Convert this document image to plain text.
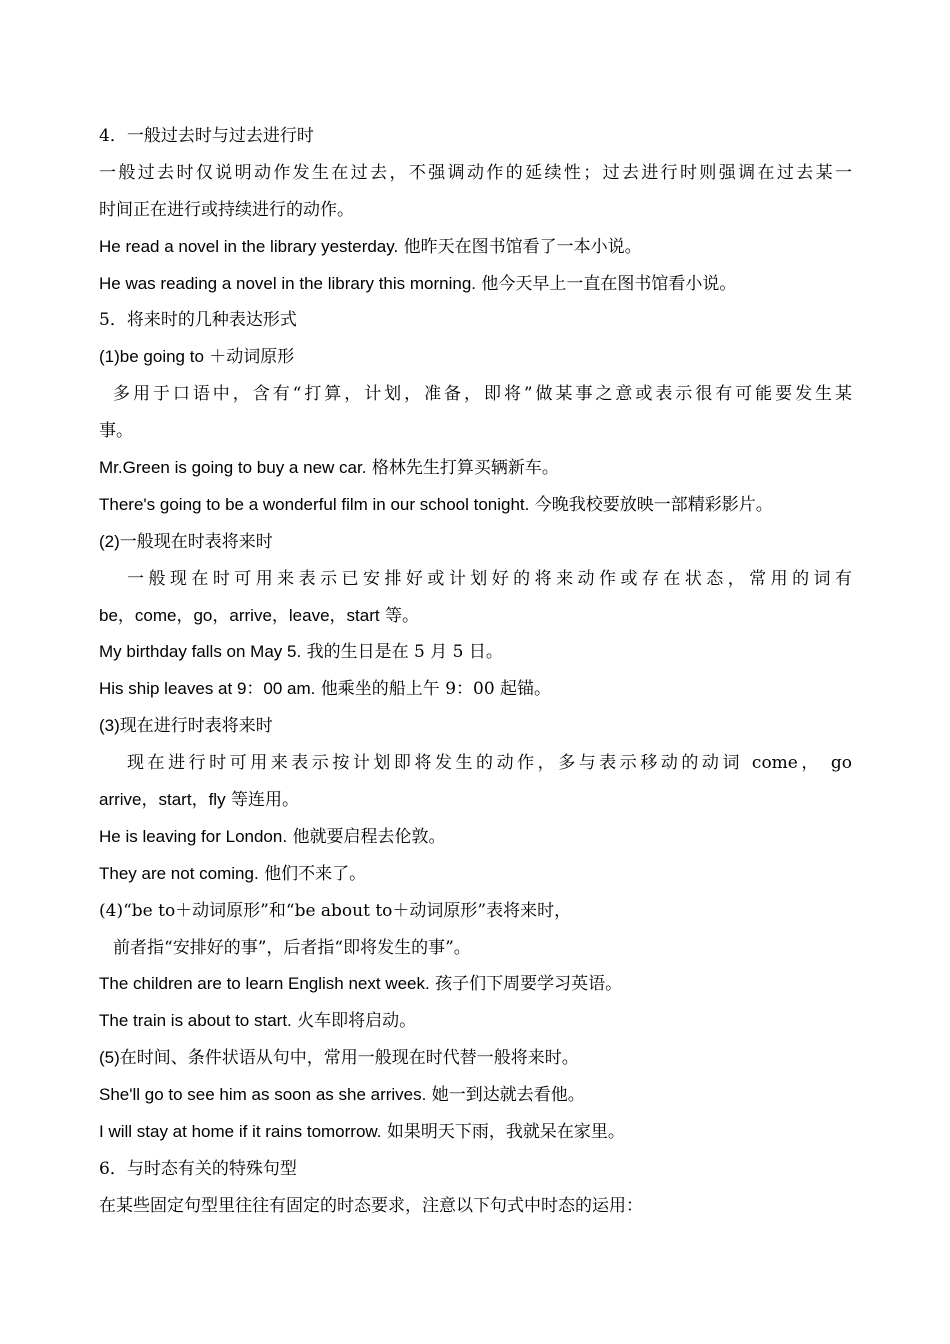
4．一般过去时与过去进行时
一般过去时仅说明动作发生在过去，不强调动作的延续性；过去进行时则强调在过去某一
时间正在进行或持续进行的动作。
He read a novel in the library yesterday. 他昨天在图书馆看了一本小说。
He was reading a novel in the library this morning. 他今天早上一直在图书馆看小说。
5．将来时的几种表达形式
(1)be going to ＋动词原形
多用于口语中，含有“打算，计划，准备，即将”做某事之意或表示很有可能要发生某
事。
Mr.Green is going to buy a new car. 格林先生打算买辆新车。
There's going to be a wonderful film in our school tonight. 今晚我校要放映一部精彩影片。
(2)一般现在时表将来时
一般现在时可用来表示已安排好或计划好的将来动作或存在状态，常用的词有
be，come，go，arrive，leave，start 等。
My birthday falls on May 5. 我的生日是在 5 月 5 日。
His ship leaves at 9：00 am. 他乘坐的船上午 9：00 起锚。
(3)现在进行时表将来时
现在进行时可用来表示按计划即将发生的动作，多与表示移动的动词 come， go
arrive，start，fly 等连用。
He is leaving for London. 他就要启程去伦敦。
They are not coming. 他们不来了。
(4)“be to＋动词原形”和“be about to＋动词原形”表将来时，
前者指“安排好的事”，后者指“即将发生的事”。
The children are to learn English next week. 孩子们下周要学习英语。
The train is about to start. 火车即将启动。
(5)在时间、条件状语从句中，常用一般现在时代替一般将来时。
She'll go to see him as soon as she arrives. 她一到达就去看他。
I will stay at home if it rains tomorrow. 如果明天下雨，我就呆在家里。
6．与时态有关的特殊句型
在某些固定句型里往往有固定的时态要求，注意以下句式中时态的运用：
